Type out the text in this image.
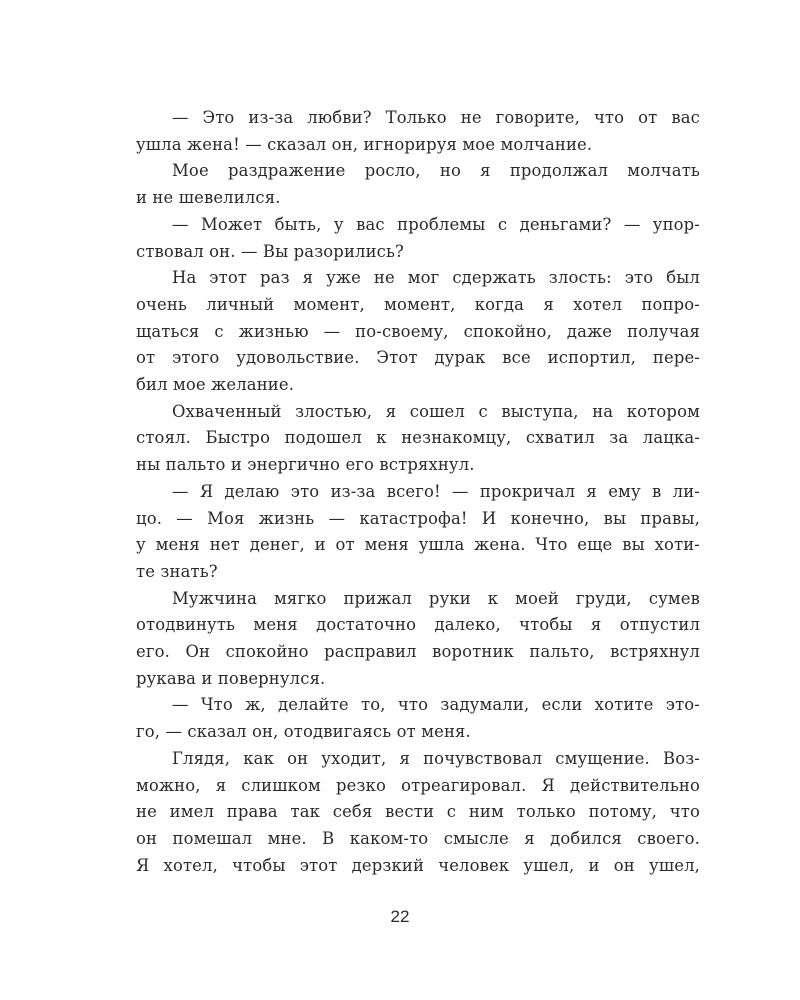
— Это из-за любви? Только не говорите, что от вас
ушла жена! — сказал он, игнорируя мое молчание.

Мое раздражение росло, но я продолжал молчать
и не шевелился.

— Может быть, у вас проблемы с деньгами? — упор-
ствовал он. — Вы разорились?

На этот раз я уже не мог сдержать злость: это был
очень личный момент, момент, когда я хотел попро-
щаться с жизнью — по-своему, спокойно, даже получая
от этого удовольствие. Этот дурак все испортил, пере-
бил мое желание.

Охваченный злостью, я сошел с выступа, на котором
стоял. Быстро подошел к незнакомцу, схватил за лацка-
ны пальто и энергично его встряхнул.

— Я делаю это из-за всего! — прокричал я ему в ли-
цо. — Моя жизнь — катастрофа! И конечно, вы правы,
у меня нет денег, и от меня ушла жена. Что еще вы хоти-
те знать?

Мужчина мягко прижал руки к моей груди, сумев
отодвинуть меня достаточно далеко, чтобы я отпустил
его. Он спокойно расправил воротник пальто, встряхнул
рукава и повернулся.

— Что ж, делайте то, что задумали, если хотите это-
го, — сказал он, отодвигаясь от меня.

Глядя, как он уходит, я почувствовал смущение. Воз-
можно, я слишком резко отреагировал. Я действительно
не имел права так себя вести с ним только потому, что
он помешал мне. В каком-то смысле я добился своего.
Я хотел, чтобы этот дерзкий человек ушел, и он ушел,

22
